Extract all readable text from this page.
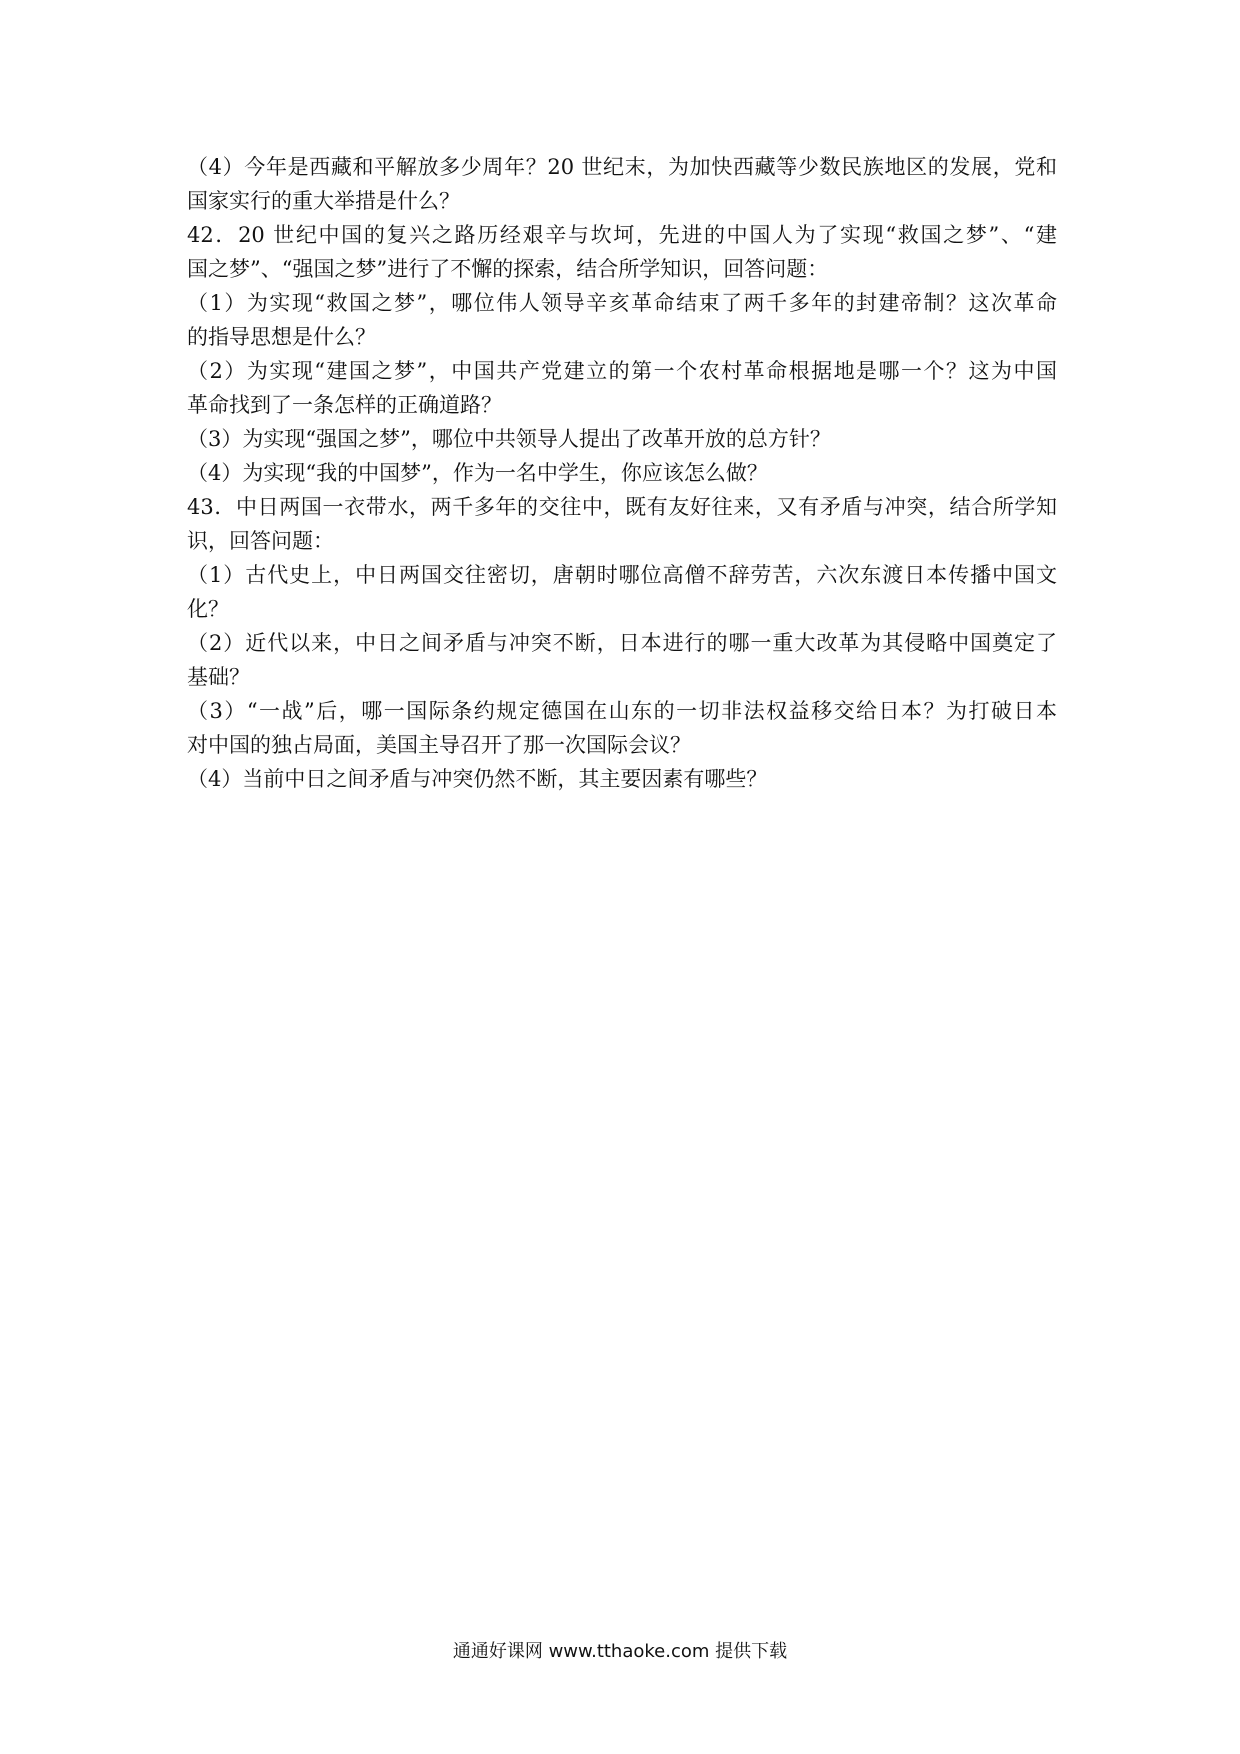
（4）今年是西藏和平解放多少周年？20 世纪末，为加快西藏等少数民族地区的发展，党和
国家实行的重大举措是什么？
42．20 世纪中国的复兴之路历经艰辛与坎坷，先进的中国人为了实现“救国之梦”、“建
国之梦”、“强国之梦”进行了不懈的探索，结合所学知识，回答问题：
（1）为实现“救国之梦”，哪位伟人领导辛亥革命结束了两千多年的封建帝制？这次革命
的指导思想是什么？
（2）为实现“建国之梦”，中国共产党建立的第一个农村革命根据地是哪一个？这为中国
革命找到了一条怎样的正确道路？
（3）为实现“强国之梦”，哪位中共领导人提出了改革开放的总方针？
（4）为实现“我的中国梦”，作为一名中学生，你应该怎么做？
43．中日两国一衣带水，两千多年的交往中，既有友好往来，又有矛盾与冲突，结合所学知
识，回答问题：
（1）古代史上，中日两国交往密切，唐朝时哪位高僧不辞劳苦，六次东渡日本传播中国文
化？
（2）近代以来，中日之间矛盾与冲突不断，日本进行的哪一重大改革为其侵略中国奠定了
基础？
（3）“一战”后，哪一国际条约规定德国在山东的一切非法权益移交给日本？为打破日本
对中国的独占局面，美国主导召开了那一次国际会议？
（4）当前中日之间矛盾与冲突仍然不断，其主要因素有哪些？
通通好课网 www.tthaoke.com 提供下载
